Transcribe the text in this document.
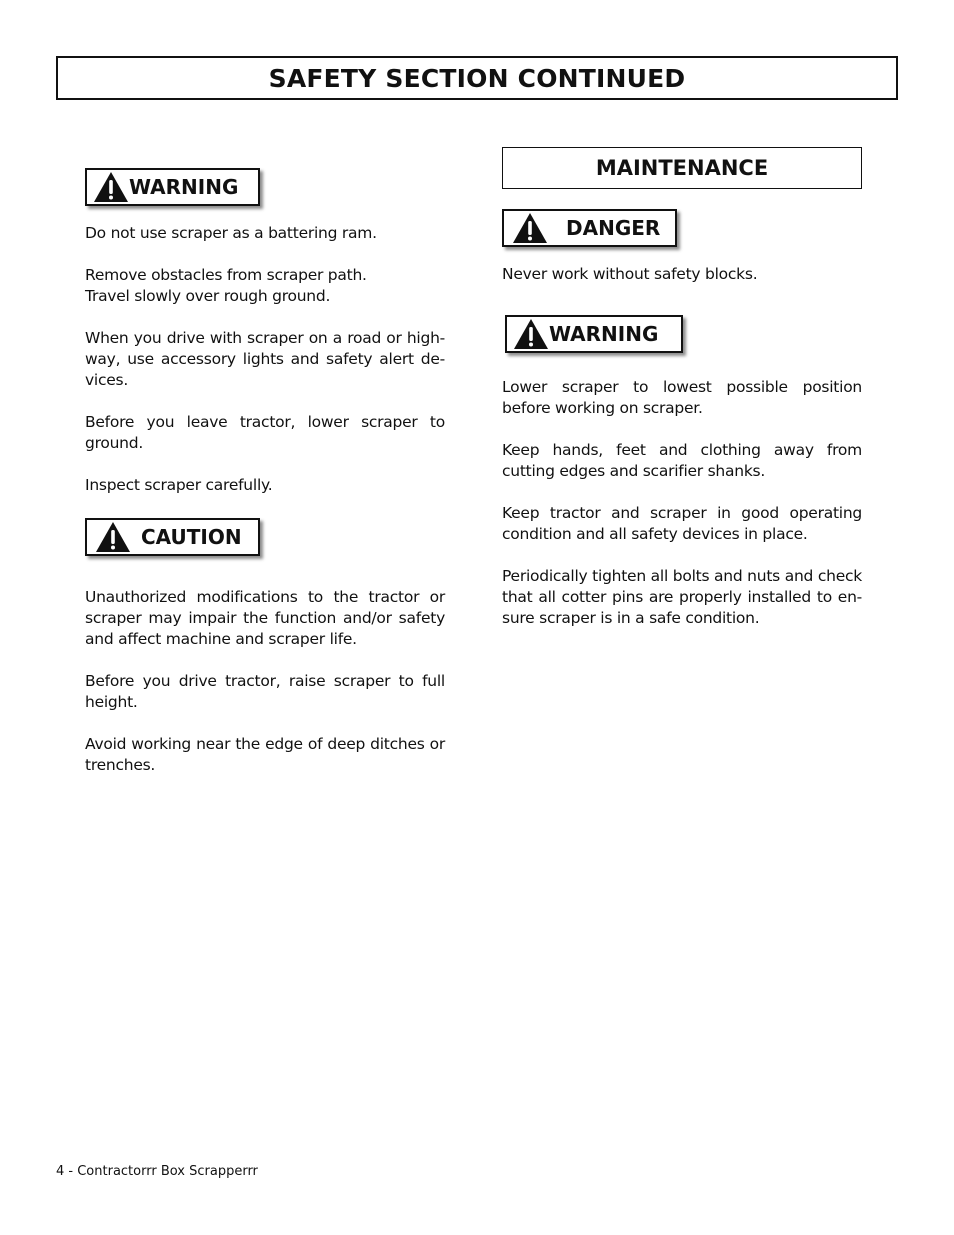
SAFETY SECTION CONTINUED
WARNING

Do not use scraper as a battering ram.

Remove obstacles from scraper path.

Travel slowly over rough ground.

When you drive with scraper on a road or high-way, use accessory lights and safety alert de-vices.

Before you leave tractor, lower scraper to ground.

Inspect scraper carefully.

CAUTION

Unauthorized modifications to the tractor or scraper may impair the function and/or safety and affect machine and scraper life.

Before you drive tractor, raise scraper to full height.

Avoid working near the edge of deep ditches or trenches.

MAINTENANCE
DANGER

Never work without safety blocks.

WARNING

Lower scraper to lowest possible position before working on scraper.

Keep hands, feet and clothing away from cutting edges and scarifier shanks.

Keep tractor and scraper in good operating condition and all safety devices in place.

Periodically tighten all bolts and nuts and check that all cotter pins are properly installed to en-sure scraper is in a safe condition.

4 - Contractorrr Box Scrapperrr
